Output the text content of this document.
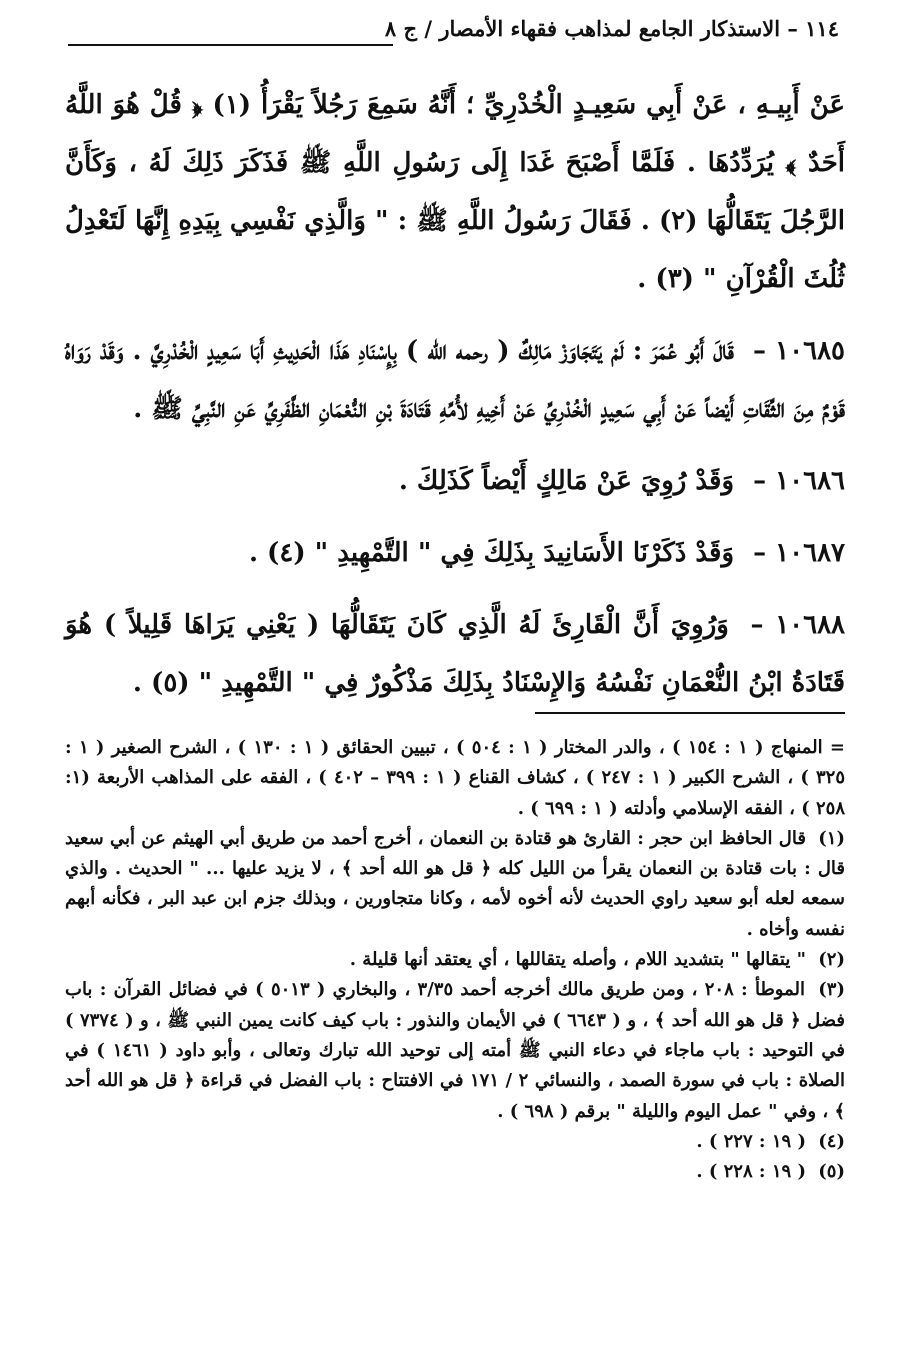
١١٤ – الاستذكار الجامع لمذاهب فقهاء الأمصار / ج ٨

عَنْ أَبِيـهِ ، عَنْ أَبِي سَعِيـدٍ الْخُدْرِيِّ ؛ أَنَّهُ سَمِعَ رَجُلاً يَقْرَأُ (١) ﴿ قُلْ هُوَ اللَّهُ أَحَدٌ ﴾ يُرَدِّدُهَا . فَلَمَّا أَصْبَحَ غَدَا إِلَى رَسُولِ اللَّهِ ﷺ فَذَكَرَ ذَلِكَ لَهُ ، وَكَأَنَّ الرَّجُلَ يَتَقَالُّهَا (٢) . فَقَالَ رَسُولُ اللَّهِ ﷺ : " وَالَّذِي نَفْسِي بِيَدِهِ إِنَّهَا لَتَعْدِلُ ثُلُثَ الْقُرْآنِ " (٣) .

١٠٦٨٥ – قَالَ أَبُو عُمَرَ : لَمْ يَتَجَاوَزْ مَالِكٌ ( رحمه الله ) بِإِسْنَادِ هَذَا الْحَدِيثِ أَبَا سَعِيدٍ الْخُدْرِيَّ . وَقَدْ رَوَاهُ قَوْمٌ مِنَ الثِّقَاتِ أَيْضاً عَنْ أَبِي سَعِيدٍ الْخُدْرِيِّ عَنْ أَخِيهِ لأُمِّهِ قَتَادَةَ بْنِ النُّعْمَانِ الظَّفَرِيِّ عَنِ النَّبِيِّ ﷺ .

١٠٦٨٦ – وَقَدْ رُوِيَ عَنْ مَالِكٍ أَيْضاً كَذَلِكَ .

١٠٦٨٧ – وَقَدْ ذَكَرْنَا الأَسَانِيدَ بِذَلِكَ فِي " التَّمْهِيدِ " (٤) .

١٠٦٨٨ – وَرُوِيَ أَنَّ الْقَارِئَ لَهُ الَّذِي كَانَ يَتَقَالُّهَا ( يَعْنِي يَرَاهَا قَلِيلاً ) هُوَ قَتَادَةُ ابْنُ النُّعْمَانِ نَفْسُهُ وَالإِسْنَادُ بِذَلِكَ مَذْكُورٌ فِي " التَّمْهِيدِ " (٥) .

= المنهاج ( ١ : ١٥٤ ) ، والدر المختار ( ١ : ٥٠٤ ) ، تبيين الحقائق ( ١ : ١٣٠ ) ، الشرح الصغير ( ١ : ٣٢٥ ) ، الشرح الكبير ( ١ : ٢٤٧ ) ، كشاف القناع ( ١ : ٣٩٩ – ٤٠٢ ) ، الفقه على المذاهب الأربعة (١: ٢٥٨ ) ، الفقه الإسلامي وأدلته ( ١ : ٦٩٩ ) .

(١) قال الحافظ ابن حجر : القارئ هو قتادة بن النعمان ، أخرج أحمد من طريق أبي الهيثم عن أبي سعيد قال : بات قتادة بن النعمان يقرأ من الليل كله ﴿ قل هو الله أحد ﴾ ، لا يزيد عليها ... " الحديث . والذي سمعه لعله أبو سعيد راوي الحديث لأنه أخوه لأمه ، وكانا متجاورين ، وبذلك جزم ابن عبد البر ، فكأنه أبهم نفسه وأخاه .

(٢) " يتقالها " بتشديد اللام ، وأصله يتقاللها ، أي يعتقد أنها قليلة .

(٣) الموطأ : ٢٠٨ ، ومن طريق مالك أخرجه أحمد ٣/٣٥ ، والبخاري ( ٥٠١٣ ) في فضائل القرآن : باب فضل ﴿ قل هو الله أحد ﴾ ، و ( ٦٦٤٣ ) في الأيمان والنذور : باب كيف كانت يمين النبي ﷺ ، و ( ٧٣٧٤ ) في التوحيد : باب ماجاء في دعاء النبي ﷺ أمته إلى توحيد الله تبارك وتعالى ، وأبو داود ( ١٤٦١ ) في الصلاة : باب في سورة الصمد ، والنسائي ٢ / ١٧١ في الافتتاح : باب الفضل في قراءة ﴿ قل هو الله أحد ﴾ ، وفي " عمل اليوم والليلة " برقم ( ٦٩٨ ) .

(٤) ( ١٩ : ٢٢٧ ) .

(٥) ( ١٩ : ٢٢٨ ) .
